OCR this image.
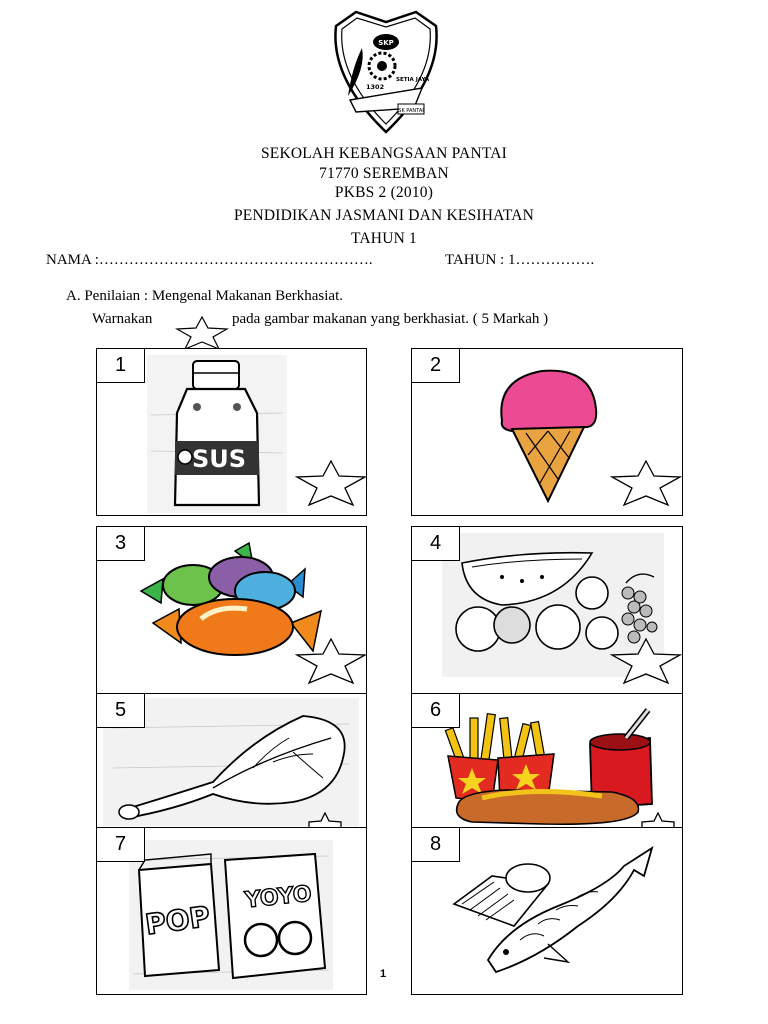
SKP
1302
SETIA JAYA
SK PANTAI
SEKOLAH KEBANGSAAN PANTAI
71770 SEREMBAN
PKBS 2 (2010)
PENDIDIKAN JASMANI DAN KESIHATAN
TAHUN 1
NAMA :……………………………………………….	TAHUN : 1…………….
A. Penilaian : Mengenal Makanan Berkhasiat.
Warnakan	pada gambar makanan yang berkhasiat. ( 5 Markah )
1
SUS
2
3	4
5	6
7
POP
YOYO
8
1
